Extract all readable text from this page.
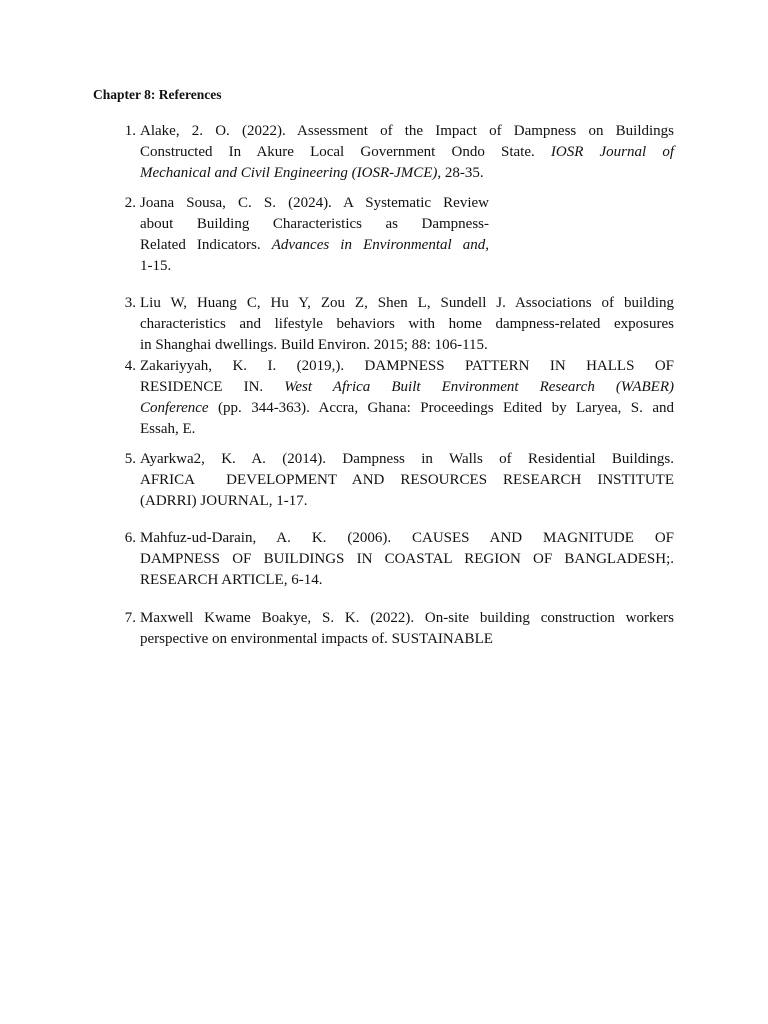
Chapter 8: References
1. Alake, 2. O. (2022). Assessment of the Impact of Dampness on Buildings
Constructed In Akure Local Government Ondo State. IOSR Journal of
Mechanical and Civil Engineering (IOSR-JMCE), 28-35.
2. Joana Sousa, C. S. (2024). A Systematic Review
about Building Characteristics as Dampness-
Related Indicators. Advances in Environmental and,
1-15.
3. Liu W, Huang C, Hu Y, Zou Z, Shen L, Sundell J. Associations of building
characteristics and lifestyle behaviors with home dampness-related exposures
in Shanghai dwellings. Build Environ. 2015; 88: 106-115.
4. Zakariyyah, K. I. (2019,). DAMPNESS PATTERN IN HALLS OF
RESIDENCE IN. West Africa Built Environment Research (WABER)
Conference (pp. 344-363). Accra, Ghana: Proceedings Edited by Laryea, S. and
Essah, E.
5. Ayarkwa2, K. A. (2014). Dampness in Walls of Residential Buildings.
AFRICA  DEVELOPMENT AND RESOURCES RESEARCH INSTITUTE
(ADRRI) JOURNAL, 1-17.
6. Mahfuz-ud-Darain, A. K. (2006). CAUSES AND MAGNITUDE OF
DAMPNESS OF BUILDINGS IN COASTAL REGION OF BANGLADESH;.
RESEARCH ARTICLE, 6-14.
7. Maxwell Kwame Boakye, S. K. (2022). On-site building construction workers
perspective on environmental impacts of. SUSTAINABLE
